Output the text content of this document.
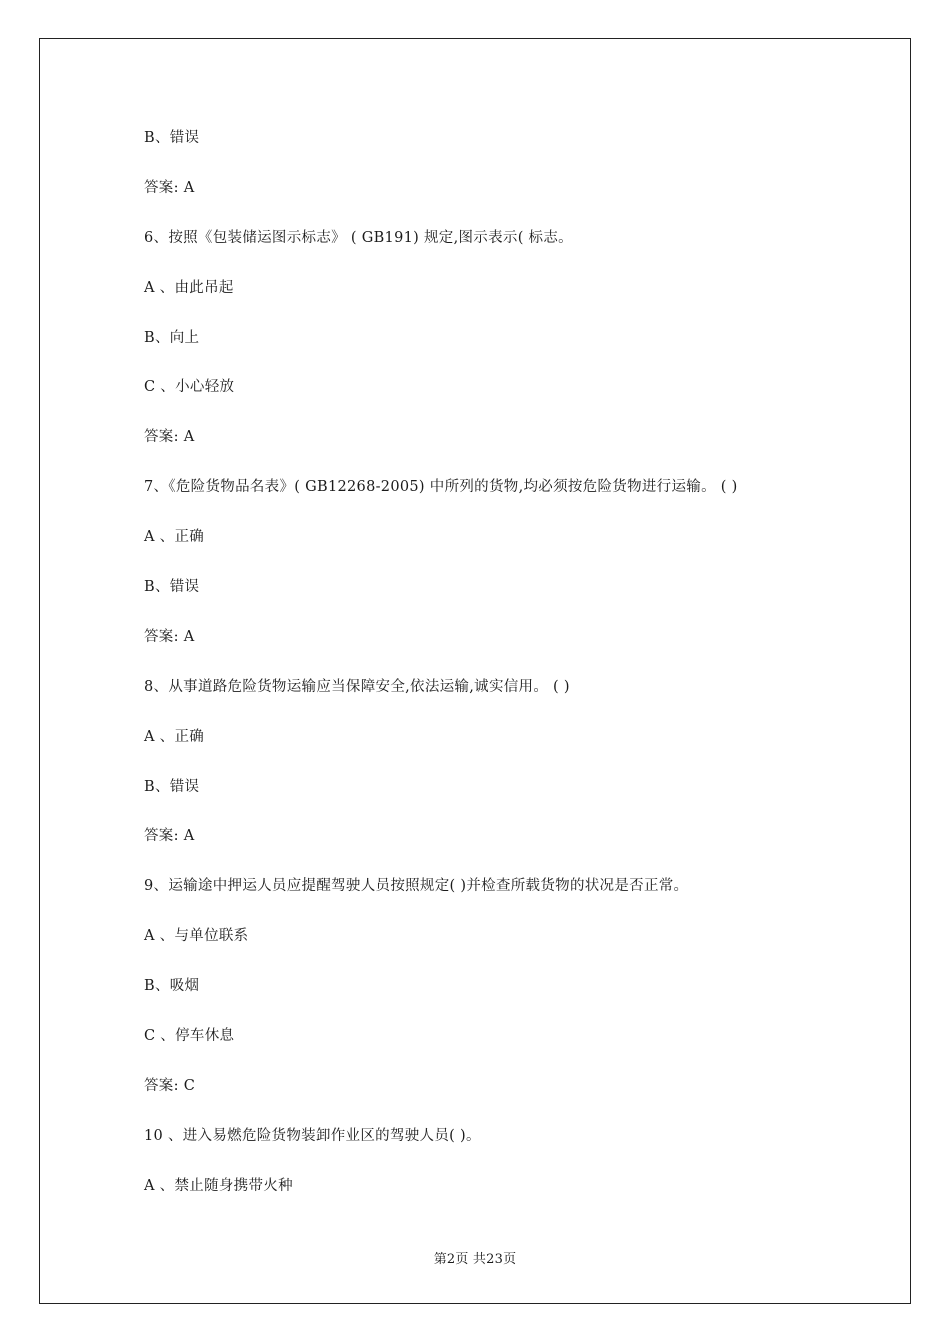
B、错误
答案: A
6、按照《包装储运图示标志》 ( GB191) 规定,图示表示( 标志。
A 、由此吊起
B、向上
C 、小心轻放
答案: A
7、《危险货物品名表》( GB12268-2005) 中所列的货物,均必须按危险货物进行运输。 ( )
A 、正确
B、错误
答案: A
8、从事道路危险货物运输应当保障安全,依法运输,诚实信用。 ( )
A 、正确
B、错误
答案: A
9、运输途中押运人员应提醒驾驶人员按照规定( )并检查所载货物的状况是否正常。
A 、与单位联系
B、吸烟
C 、停车休息
答案: C
10 、进入易燃危险货物装卸作业区的驾驶人员( )。
A 、禁止随身携带火种
第2页 共23页
